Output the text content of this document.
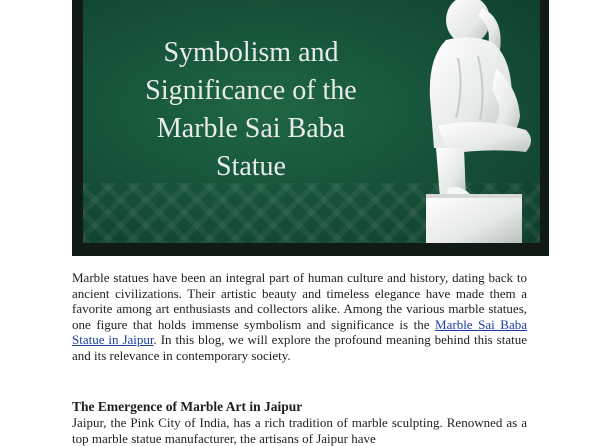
Symbolism and
Significance of the
Marble Sai Baba
Statue

Marble statues have been an integral part of human culture and history, dating back to ancient civilizations. Their artistic beauty and timeless elegance have made them a favorite among art enthusiasts and collectors alike. Among the various marble statues, one figure that holds immense symbolism and significance is the Marble Sai Baba Statue in Jaipur. In this blog, we will explore the profound meaning behind this statue and its relevance in contemporary society.

The Emergence of Marble Art in Jaipur

Jaipur, the Pink City of India, has a rich tradition of marble sculpting. Renowned as a top marble statue manufacturer, the artisans of Jaipur have
